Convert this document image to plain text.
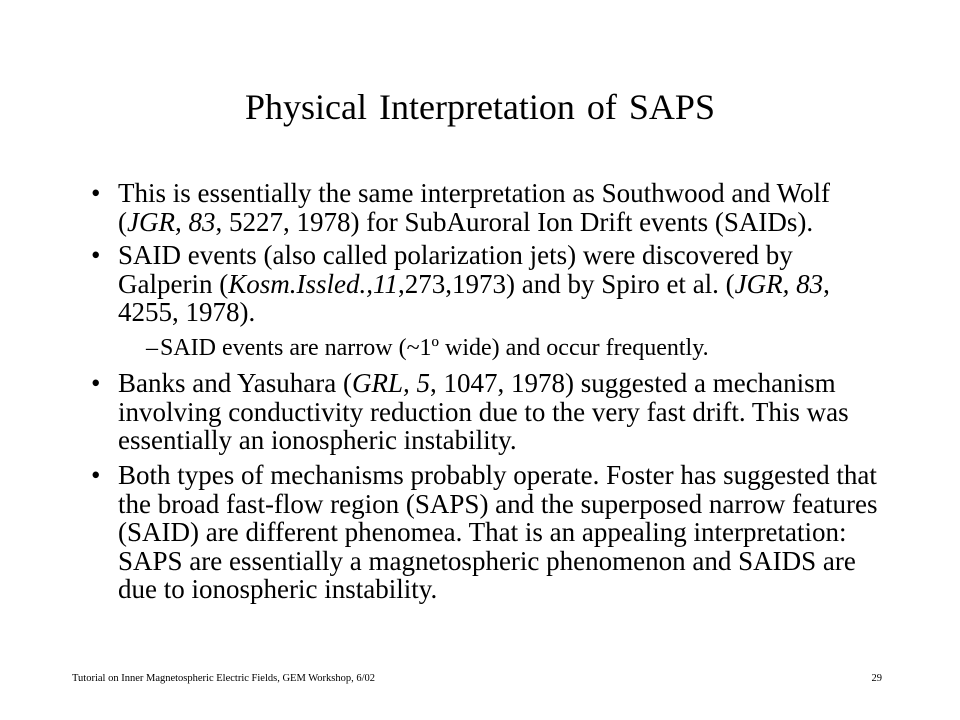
Physical Interpretation of SAPS
• This is essentially the same interpretation as Southwood and Wolf
(JGR, 83, 5227, 1978) for SubAuroral Ion Drift events (SAIDs).
• SAID events (also called polarization jets) were discovered by
Galperin (Kosm.Issled.,11,273,1973) and by Spiro et al. (JGR, 83,
4255, 1978).
– SAID events are narrow (~1º wide) and occur frequently.
• Banks and Yasuhara (GRL, 5, 1047, 1978) suggested a mechanism
involving conductivity reduction due to the very fast drift. This was
essentially an ionospheric instability.
• Both types of mechanisms probably operate. Foster has suggested that
the broad fast-flow region (SAPS) and the superposed narrow features
(SAID) are different phenomea. That is an appealing interpretation:
SAPS are essentially a magnetospheric phenomenon and SAIDS are
due to ionospheric instability.
Tutorial on Inner Magnetospheric Electric Fields, GEM Workshop, 6/02	29
